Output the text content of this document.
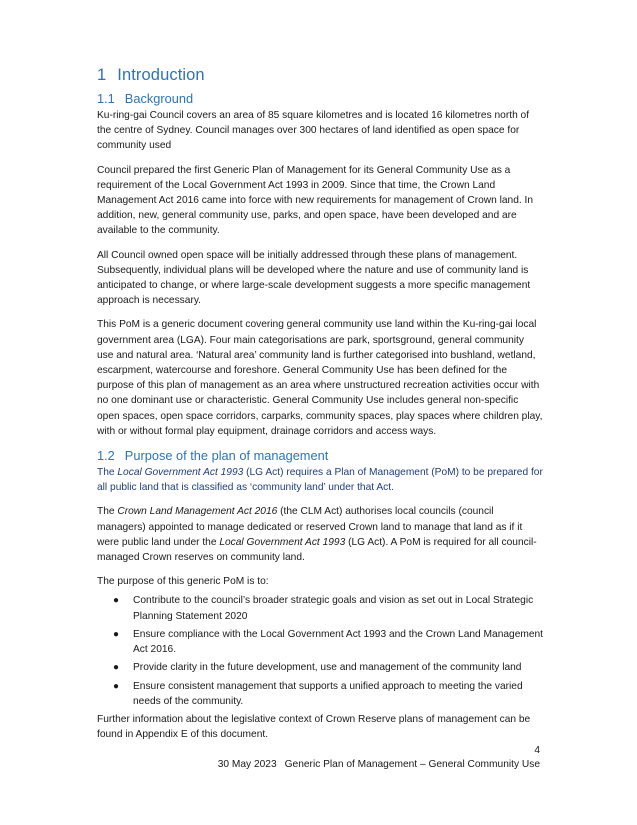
1 Introduction
1.1 Background

Ku-ring-gai Council covers an area of 85 square kilometres and is located 16 kilometres north of the centre of Sydney. Council manages over 300 hectares of land identified as open space for community used

Council prepared the first Generic Plan of Management for its General Community Use as a requirement of the Local Government Act 1993 in 2009. Since that time, the Crown Land Management Act 2016 came into force with new requirements for management of Crown land. In addition, new, general community use, parks, and open space, have been developed and are available to the community.

All Council owned open space will be initially addressed through these plans of management. Subsequently, individual plans will be developed where the nature and use of community land is anticipated to change, or where large-scale development suggests a more specific management approach is necessary.

This PoM is a generic document covering general community use land within the Ku-ring-gai local government area (LGA). Four main categorisations are park, sportsground, general community use and natural area. ‘Natural area’ community land is further categorised into bushland, wetland, escarpment, watercourse and foreshore. General Community Use has been defined for the purpose of this plan of management as an area where unstructured recreation activities occur with no one dominant use or characteristic. General Community Use includes general non-specific open spaces, open space corridors, carparks, community spaces, play spaces where children play, with or without formal play equipment, drainage corridors and access ways.

1.2 Purpose of the plan of management

The Local Government Act 1993 (LG Act) requires a Plan of Management (PoM) to be prepared for all public land that is classified as ‘community land’ under that Act.

The Crown Land Management Act 2016 (the CLM Act) authorises local councils (council managers) appointed to manage dedicated or reserved Crown land to manage that land as if it were public land under the Local Government Act 1993 (LG Act). A PoM is required for all council-managed Crown reserves on community land.

The purpose of this generic PoM is to:

● Contribute to the council’s broader strategic goals and vision as set out in Local Strategic Planning Statement 2020
● Ensure compliance with the Local Government Act 1993 and the Crown Land Management Act 2016.
● Provide clarity in the future development, use and management of the community land
● Ensure consistent management that supports a unified approach to meeting the varied needs of the community.

Further information about the legislative context of Crown Reserve plans of management can be found in Appendix E of this document.

4
30 May 2023 Generic Plan of Management – General Community Use
